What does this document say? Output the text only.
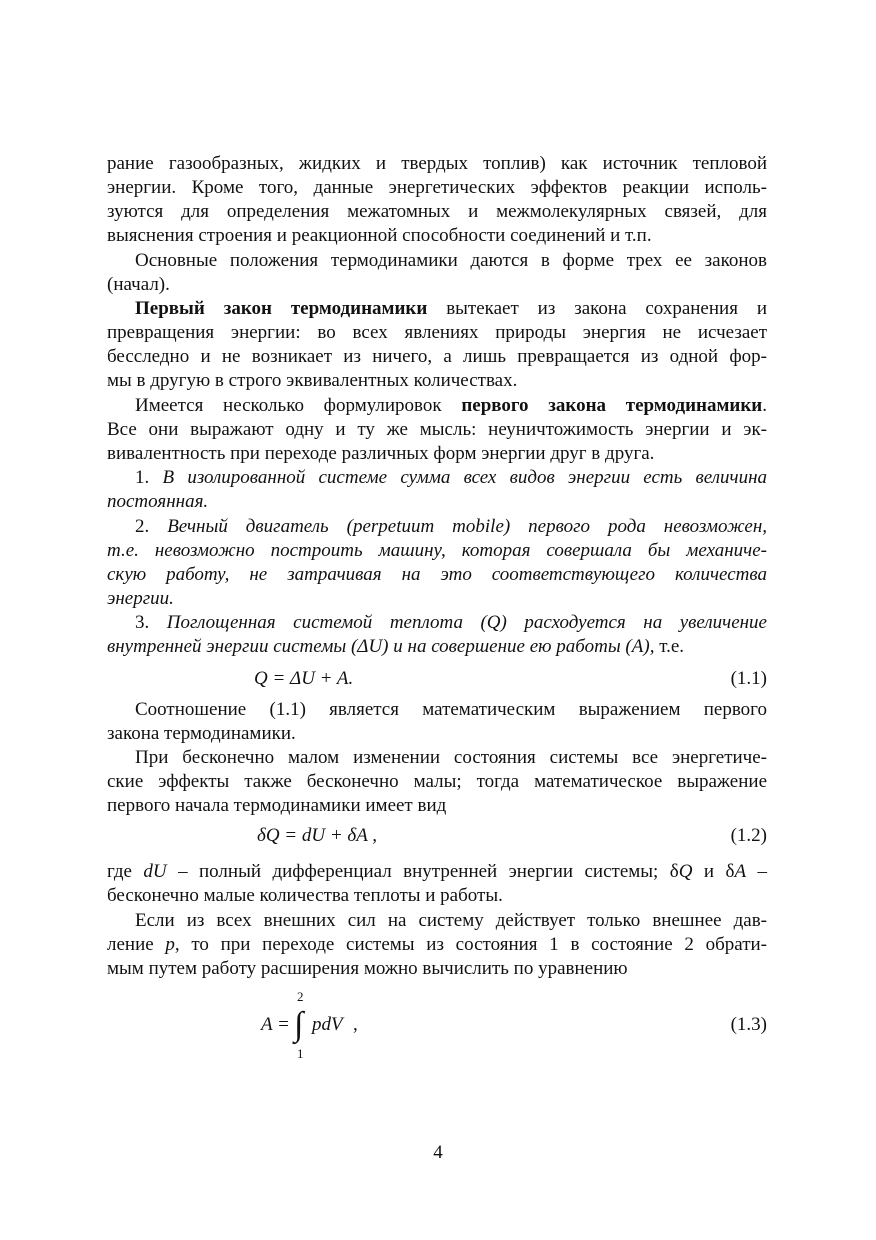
рание газообразных, жидких и твердых топлив) как источник тепловой
энергии. Кроме того, данные энергетических эффектов реакции исполь-
зуются для определения межатомных и межмолекулярных связей, для
выяснения строения и реакционной способности соединений и т.п.
Основные положения термодинамики даются в форме трех ее законов
(начал).
Первый закон термодинамики вытекает из закона сохранения и
превращения энергии: во всех явлениях природы энергия не исчезает
бесследно и не возникает из ничего, а лишь превращается из одной фор-
мы в другую в строго эквивалентных количествах.
Имеется несколько формулировок первого закона термодинамики.
Все они выражают одну и ту же мысль: неуничтожимость энергии и эк-
вивалентность при переходе различных форм энергии друг в друга.
1. В изолированной системе сумма всех видов энергии есть величина
постоянная.
2. Вечный двигатель (perpetuum mobile) первого рода невозможен,
т.е. невозможно построить машину, которая совершала бы механиче-
скую работу, не затрачивая на это соответствующего количества
энергии.
3. Поглощенная системой теплота (Q) расходуется на увеличение
внутренней энергии системы (ΔU) и на совершение ею работы (A), т.е.
Q = ΔU + A.	(1.1)
Соотношение (1.1) является математическим выражением первого
закона термодинамики.
При бесконечно малом изменении состояния системы все энергетиче-
ские эффекты также бесконечно малы; тогда математическое выражение
первого начала термодинамики имеет вид
δQ = dU + δA ,	(1.2)
где dU – полный дифференциал внутренней энергии системы; δQ и δA –
бесконечно малые количества теплоты и работы.
Если из всех внешних сил на систему действует только внешнее дав-
ление p, то при переходе системы из состояния 1 в состояние 2 обрати-
мым путем работу расширения можно вычислить по уравнению
A = ∫
2
1
pdV ,	(1.3)
4
